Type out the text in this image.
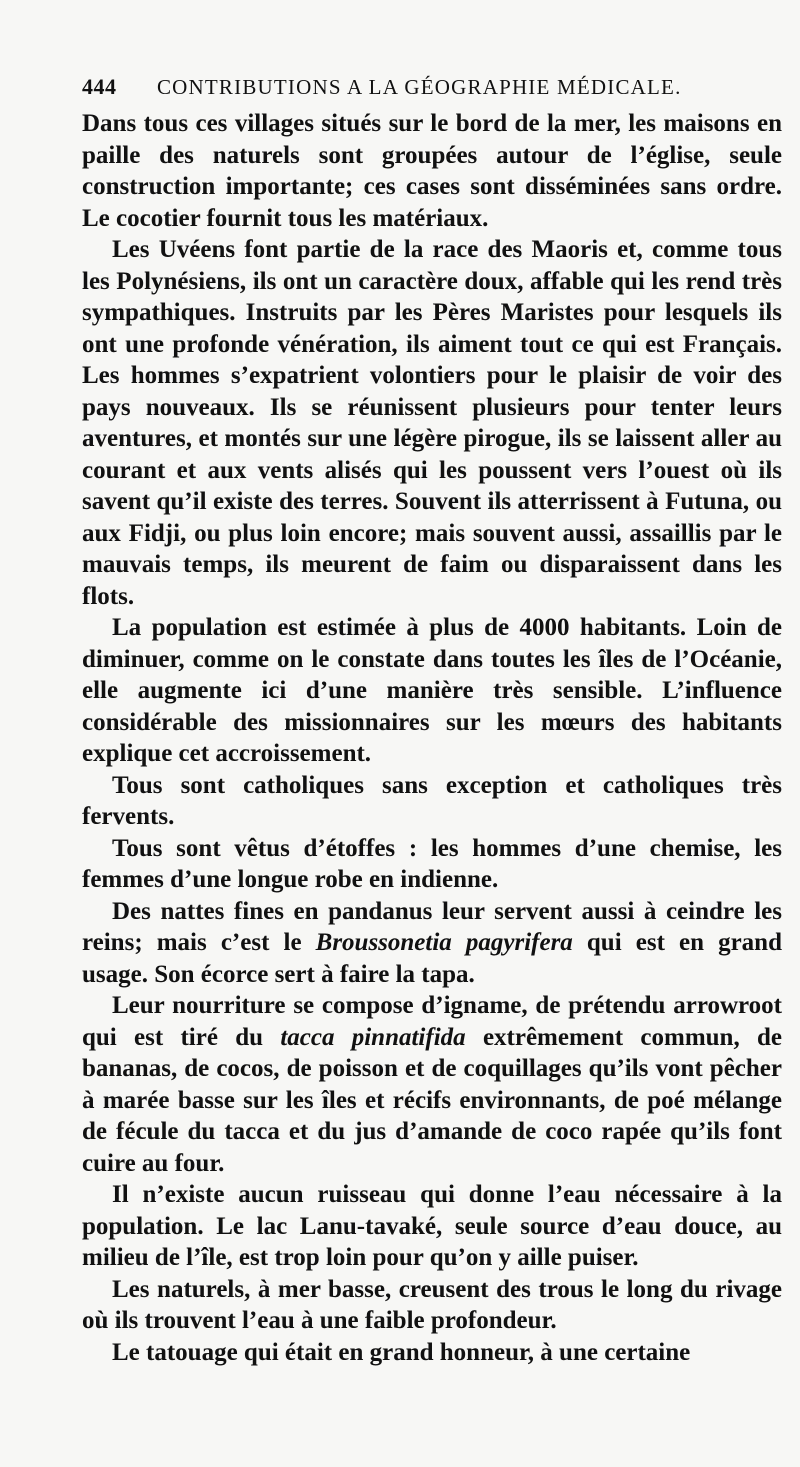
444	CONTRIBUTIONS A LA GÉOGRAPHIE MÉDICALE.

Dans tous ces villages situés sur le bord de la mer, les maisons en paille des naturels sont groupées autour de l’église, seule construction importante; ces cases sont disséminées sans ordre. Le cocotier fournit tous les matériaux.

Les Uvéens font partie de la race des Maoris et, comme tous les Polynésiens, ils ont un caractère doux, affable qui les rend très sympathiques. Instruits par les Pères Maristes pour lesquels ils ont une profonde vénération, ils aiment tout ce qui est Français. Les hommes s’expatrient volontiers pour le plaisir de voir des pays nouveaux. Ils se réunissent plusieurs pour tenter leurs aventures, et montés sur une légère pirogue, ils se laissent aller au courant et aux vents alisés qui les poussent vers l’ouest où ils savent qu’il existe des terres. Souvent ils atterrissent à Futuna, ou aux Fidji, ou plus loin encore; mais souvent aussi, assaillis par le mauvais temps, ils meurent de faim ou disparaissent dans les flots.

La population est estimée à plus de 4000 habitants. Loin de diminuer, comme on le constate dans toutes les îles de l’Océanie, elle augmente ici d’une manière très sensible. L’influence considérable des missionnaires sur les mœurs des habitants explique cet accroissement.

Tous sont catholiques sans exception et catholiques très fervents.

Tous sont vêtus d’étoffes : les hommes d’une chemise, les femmes d’une longue robe en indienne.

Des nattes fines en pandanus leur servent aussi à ceindre les reins; mais c’est le Broussonetia pagyrifera qui est en grand usage. Son écorce sert à faire la tapa.

Leur nourriture se compose d’igname, de prétendu arrowroot qui est tiré du tacca pinnatifida extrêmement commun, de bananas, de cocos, de poisson et de coquillages qu’ils vont pêcher à marée basse sur les îles et récifs environnants, de poé mélange de fécule du tacca et du jus d’amande de coco rapée qu’ils font cuire au four.

Il n’existe aucun ruisseau qui donne l’eau nécessaire à la population. Le lac Lanu-tavaké, seule source d’eau douce, au milieu de l’île, est trop loin pour qu’on y aille puiser.

Les naturels, à mer basse, creusent des trous le long du rivage où ils trouvent l’eau à une faible profondeur.

Le tatouage qui était en grand honneur, à une certaine
